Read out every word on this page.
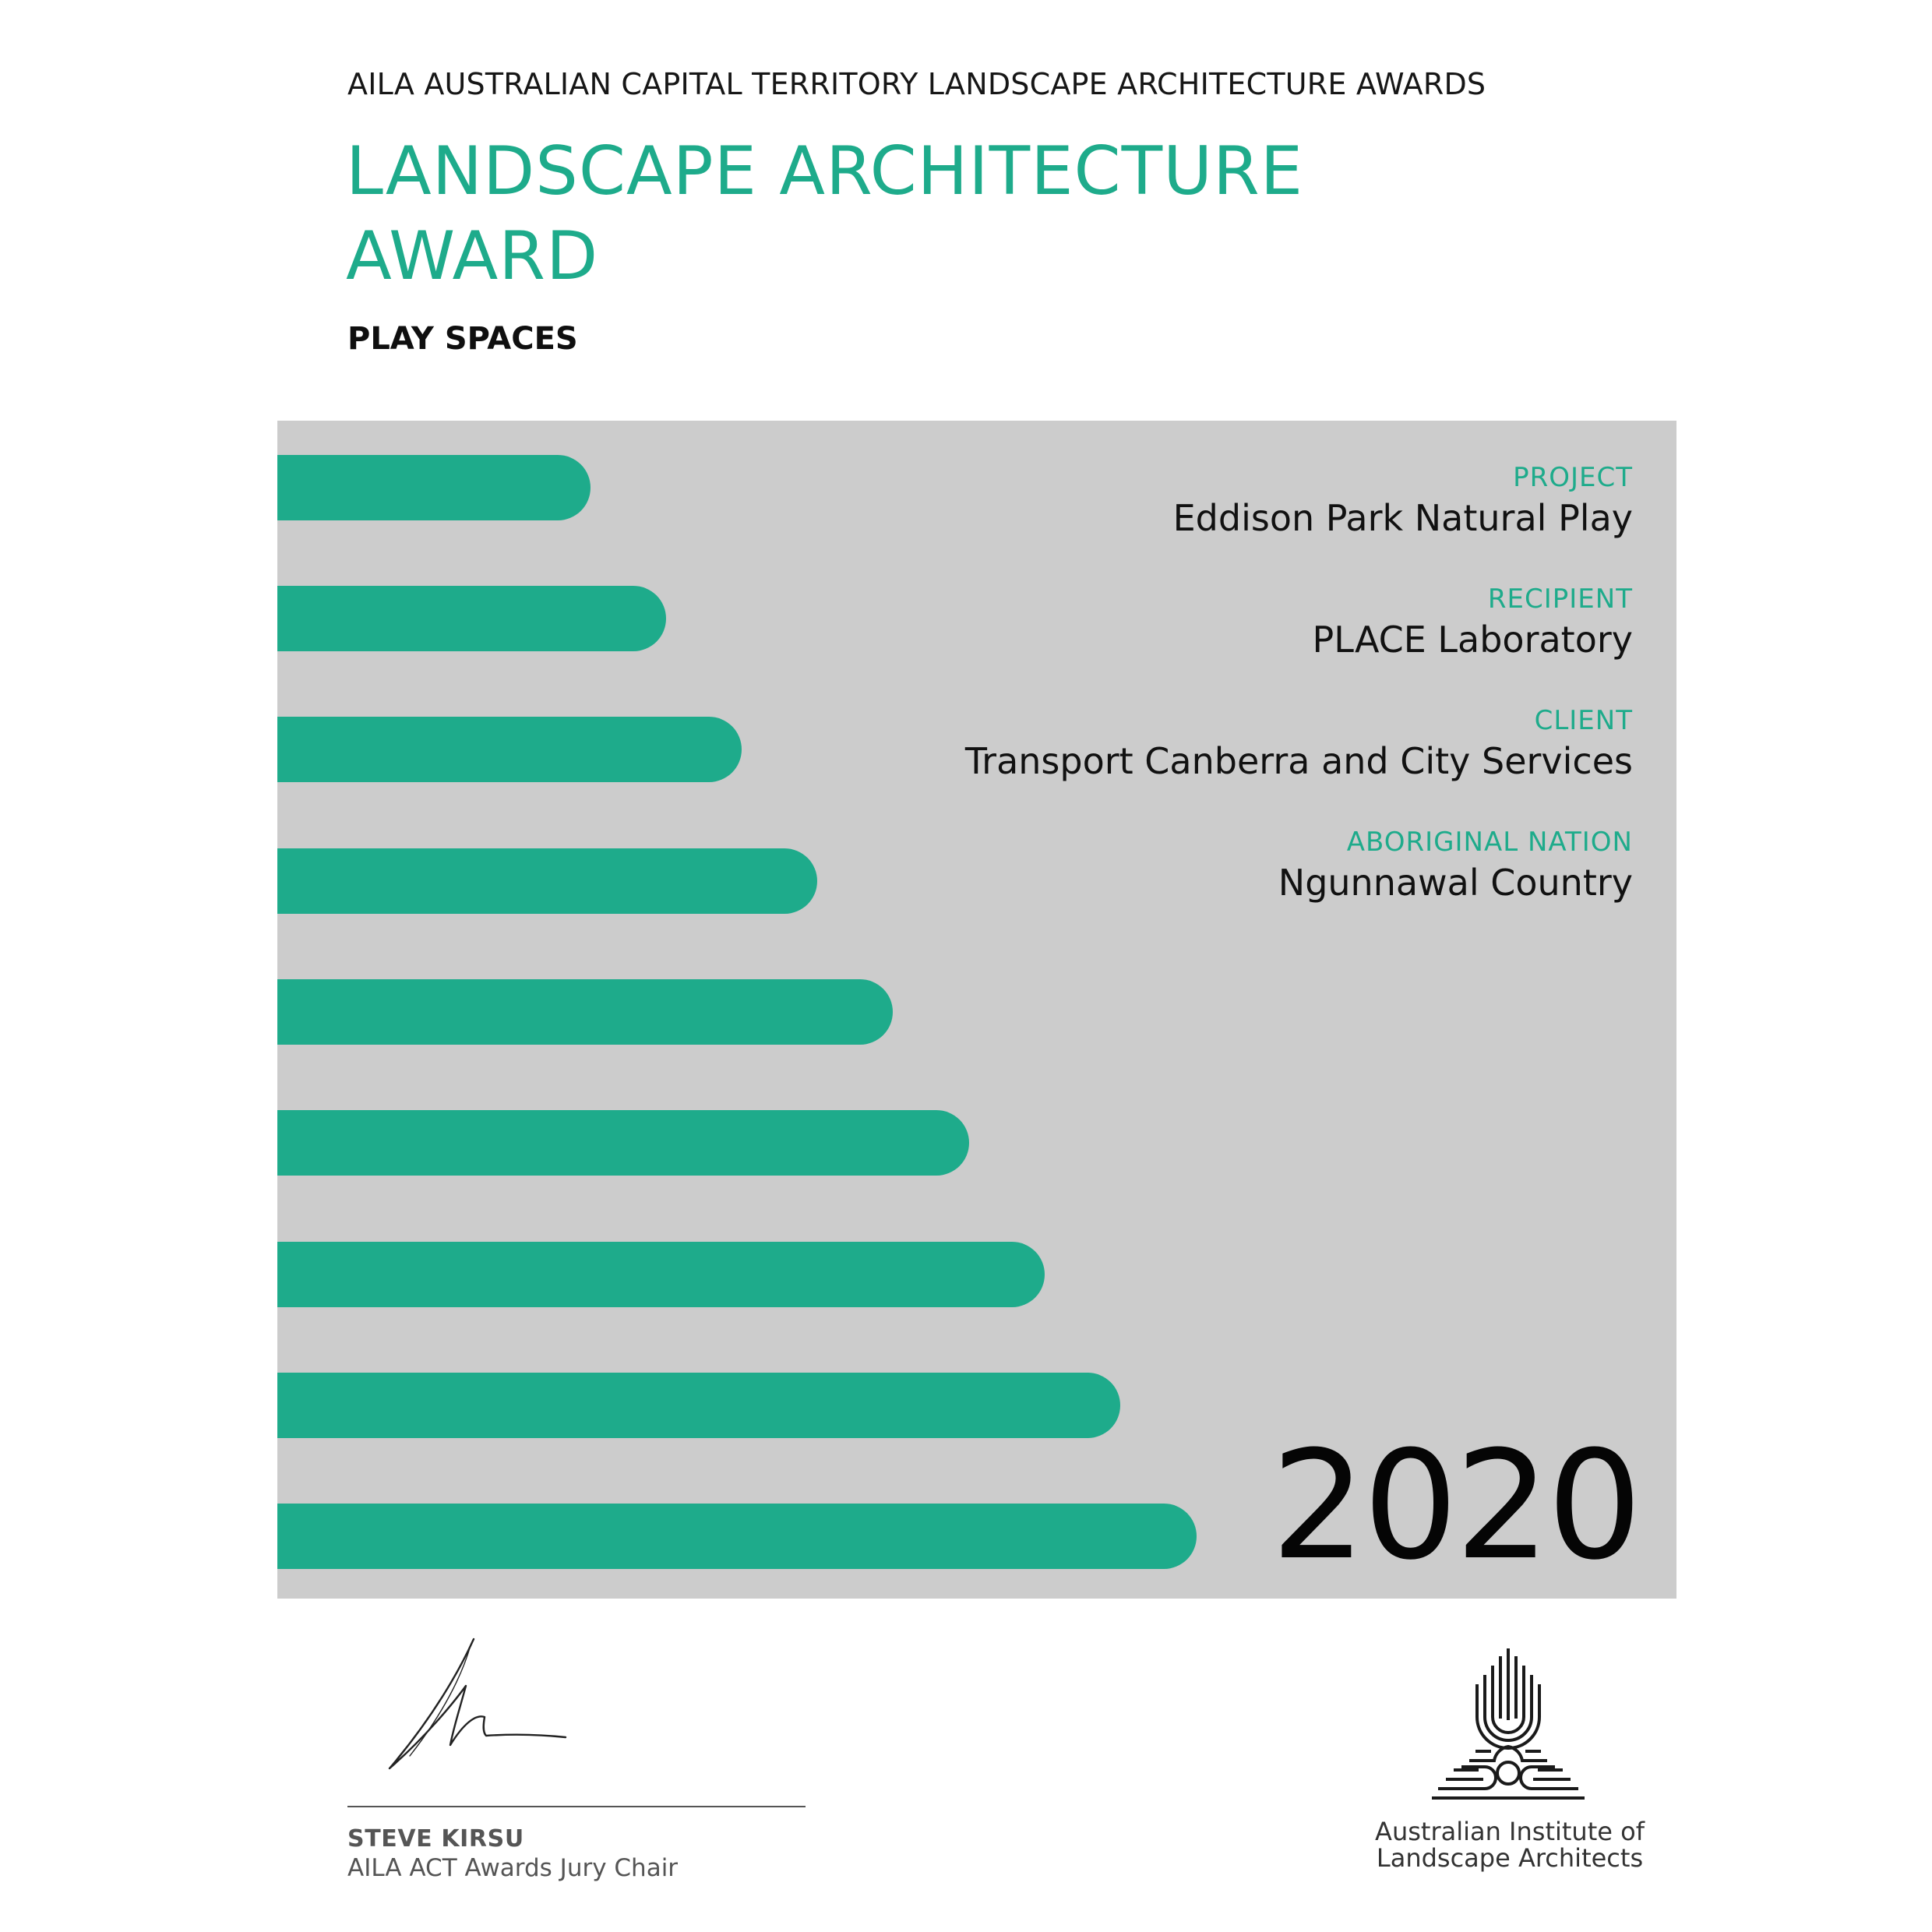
AILA AUSTRALIAN CAPITAL TERRITORY LANDSCAPE ARCHITECTURE AWARDS
LANDSCAPE ARCHITECTURE
AWARD
PLAY SPACES
PROJECT
Eddison Park Natural Play
RECIPIENT
PLACE Laboratory
CLIENT
Transport Canberra and City Services
ABORIGINAL NATION
Ngunnawal Country
2020
STEVE KIRSU
AILA ACT Awards Jury Chair
Australian Institute of
Landscape Architects
